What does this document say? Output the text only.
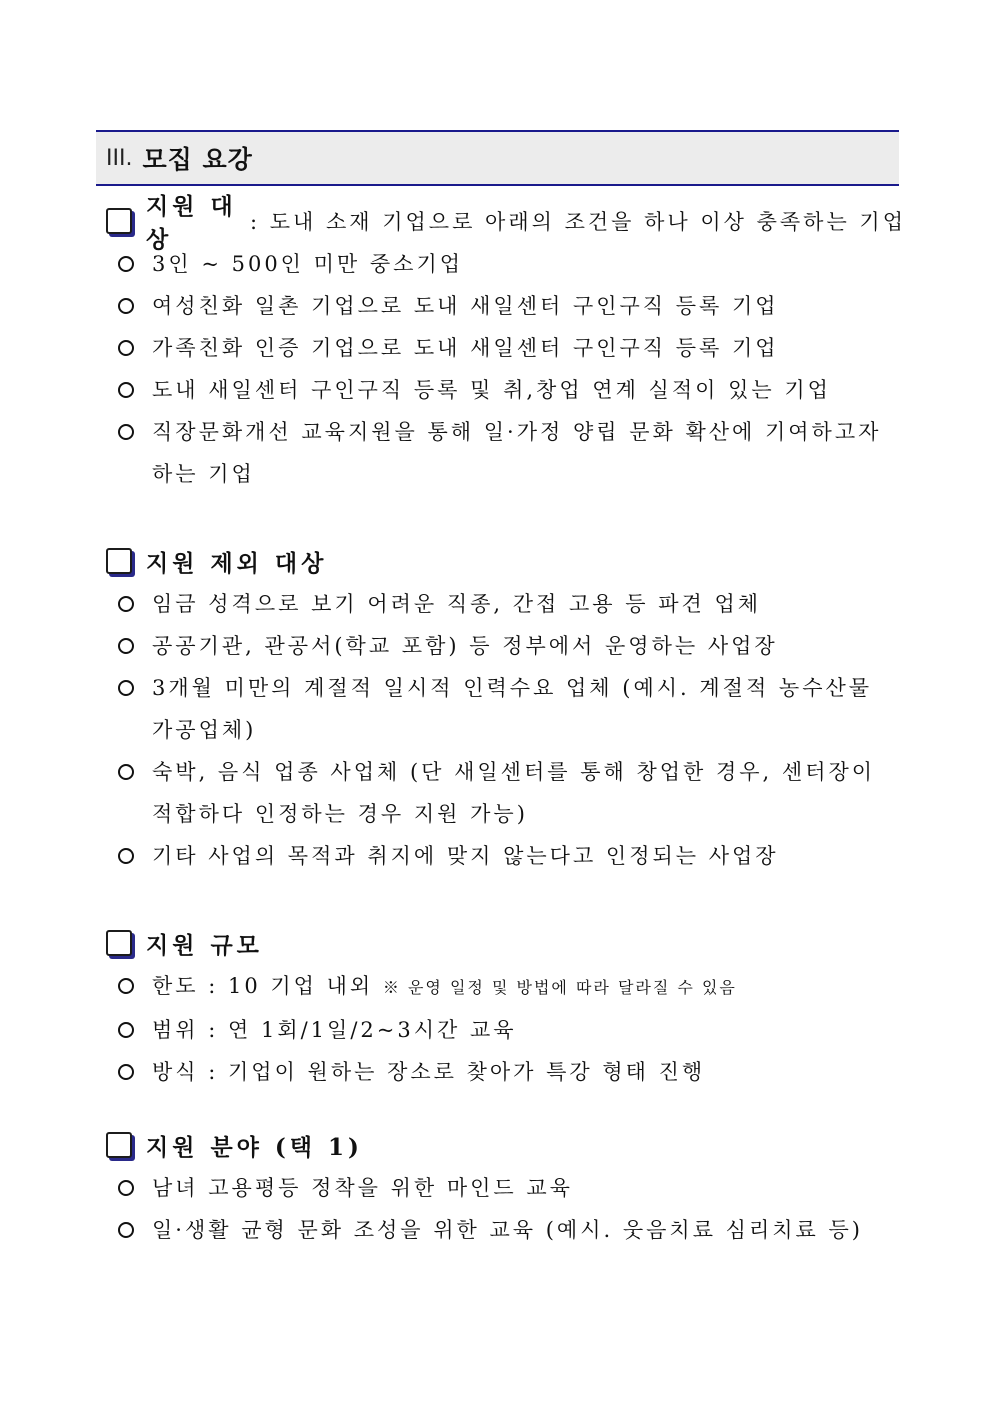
III. 모집 요강
지원 대상
: 도내 소재 기업으로 아래의 조건을 하나 이상 충족하는 기업
3인 ~ 500인 미만 중소기업
여성친화 일촌 기업으로 도내 새일센터 구인구직 등록 기업
가족친화 인증 기업으로 도내 새일센터 구인구직 등록 기업
도내 새일센터 구인구직 등록 및 취,창업 연계 실적이 있는 기업
직장문화개선 교육지원을 통해 일·가정 양립 문화 확산에 기여하고자 하는 기업
지원 제외 대상
임금 성격으로 보기 어려운 직종, 간접 고용 등 파견 업체
공공기관, 관공서(학교 포함) 등 정부에서 운영하는 사업장
3개월 미만의 계절적 일시적 인력수요 업체 (예시. 계절적 농수산물 가공업체)
숙박, 음식 업종 사업체 (단 새일센터를 통해 창업한 경우, 센터장이 적합하다 인정하는 경우 지원 가능)
기타 사업의 목적과 취지에 맞지 않는다고 인정되는 사업장
지원 규모
한도 : 10 기업 내외 ※ 운영 일정 및 방법에 따라 달라질 수 있음
범위 : 연 1회/1일/2~3시간 교육
방식 : 기업이 원하는 장소로 찾아가 특강 형태 진행
지원 분야 (택 1)
남녀 고용평등 정착을 위한 마인드 교육
일·생활 균형 문화 조성을 위한 교육 (예시. 웃음치료 심리치료 등)
